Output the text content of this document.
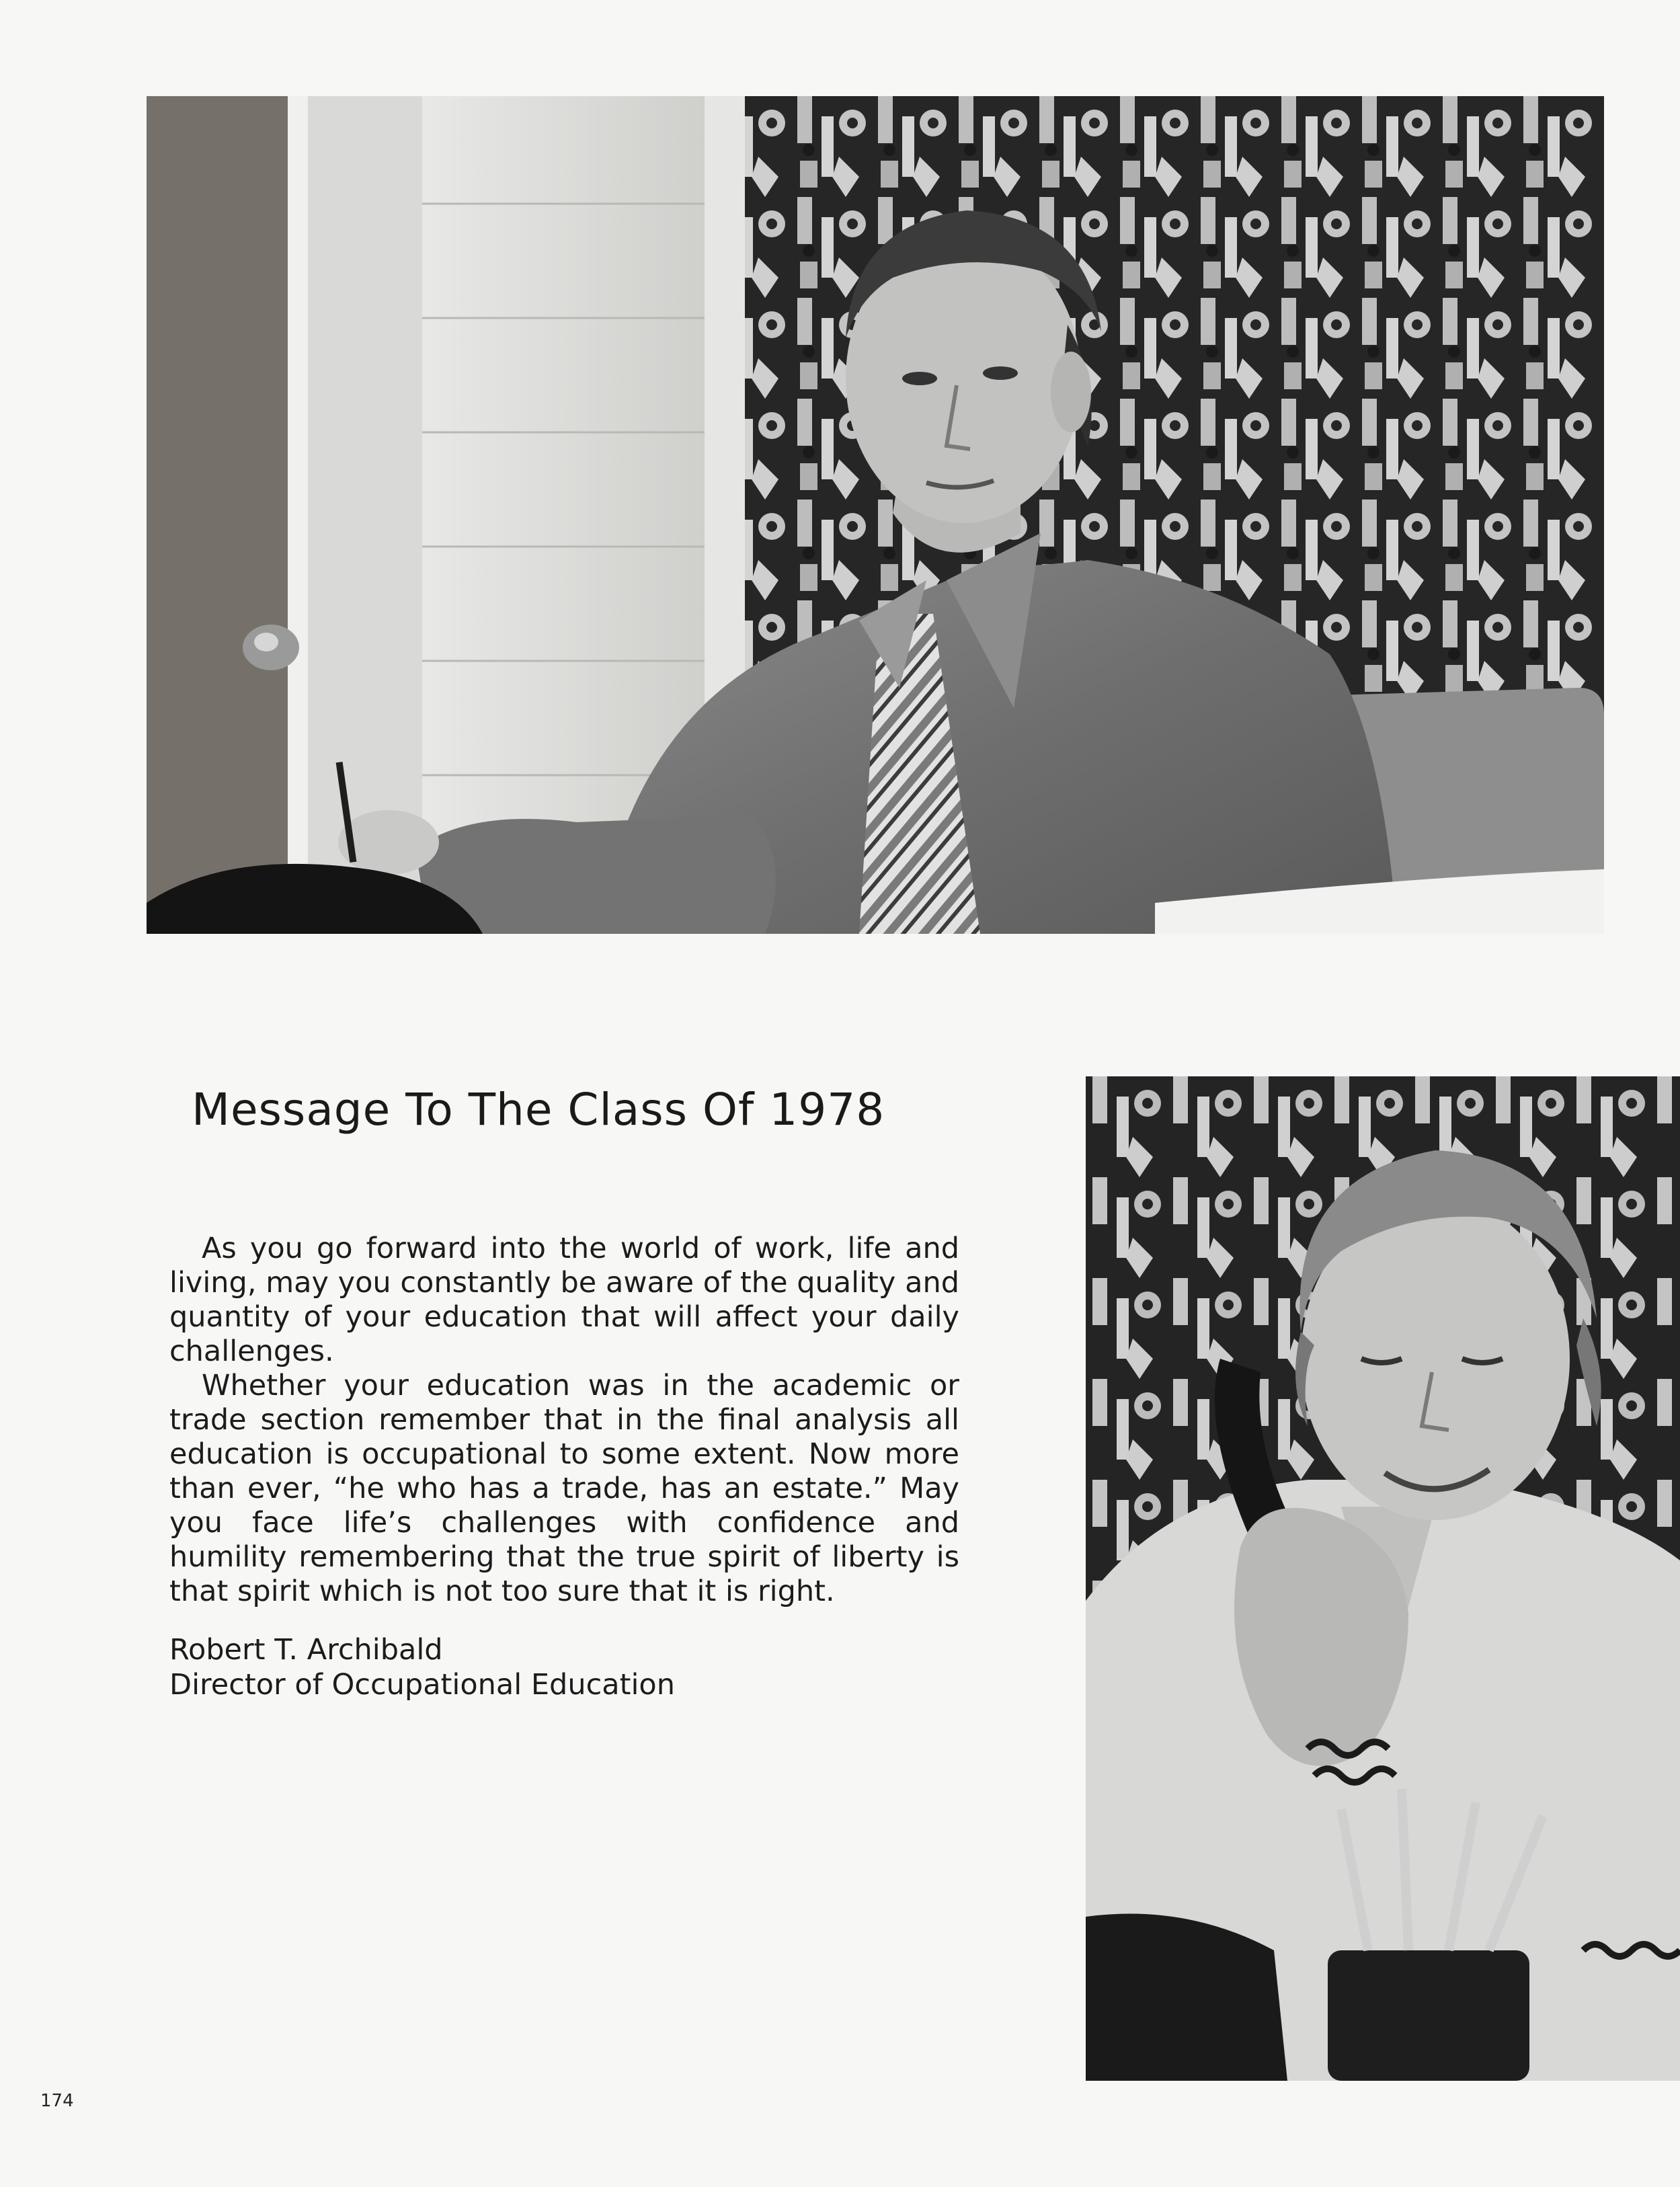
Message To The Class Of 1978

As you go forward into the world of work, life and living, may you constantly be aware of the quality and quantity of your education that will affect your daily challenges.

Whether your education was in the academic or trade section remember that in the final analysis all education is occupational to some extent. Now more than ever, “he who has a trade, has an estate.” May you face life’s challenges with confidence and humility remembering that the true spirit of liberty is that spirit which is not too sure that it is right.

Robert T. Archibald
Director of Occupational Education
174
